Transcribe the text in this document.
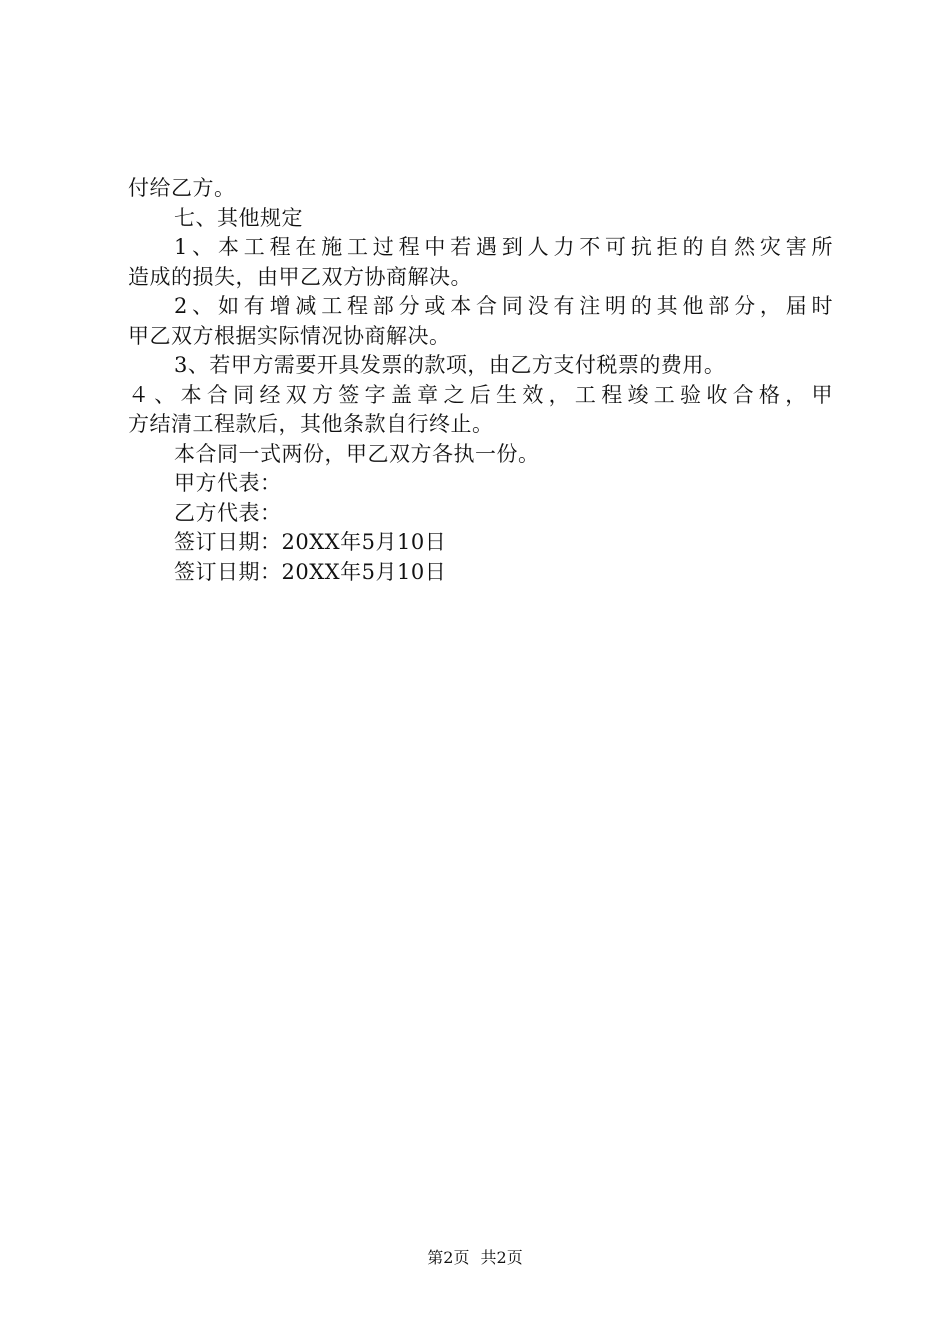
付给乙方。
七、其他规定
1、本工程在施工过程中若遇到人力不可抗拒的自然灾害所
造成的损失，由甲乙双方协商解决。
2、如有增减工程部分或本合同没有注明的其他部分，届时
甲乙双方根据实际情况协商解决。
3、若甲方需要开具发票的款项，由乙方支付税票的费用。
４、本合同经双方签字盖章之后生效，工程竣工验收合格，甲
方结清工程款后，其他条款自行终止。
本合同一式两份，甲乙双方各执一份。
甲方代表：
乙方代表：
签订日期：20XX年5月10日
签订日期：20XX年5月10日
第2页 共2页
